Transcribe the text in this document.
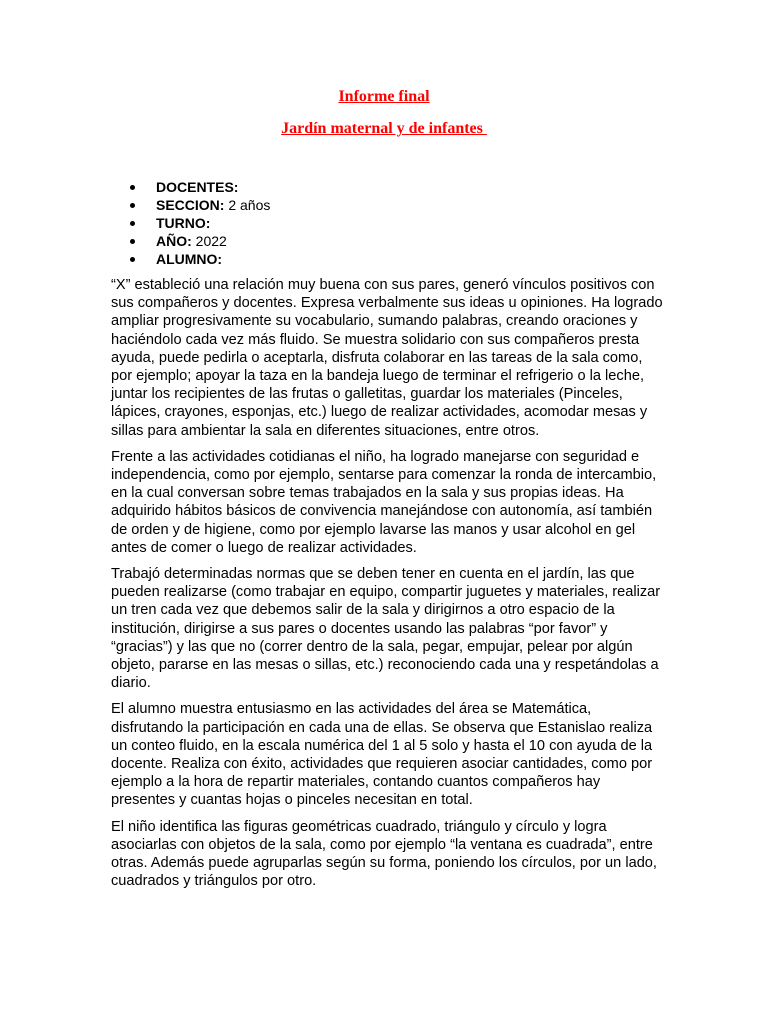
Informe final
Jardín maternal y de infantes
DOCENTES:
SECCION: 2 años
TURNO:
AÑO: 2022
ALUMNO:

“X” estableció una relación muy buena con sus pares, generó vínculos positivos con sus compañeros y docentes. Expresa verbalmente sus ideas u opiniones. Ha logrado ampliar progresivamente su vocabulario, sumando palabras, creando oraciones y haciéndolo cada vez más fluido. Se muestra solidario con sus compañeros presta ayuda, puede pedirla o aceptarla, disfruta colaborar en las tareas de la sala como, por ejemplo; apoyar la taza en la bandeja luego de terminar el refrigerio o la leche, juntar los recipientes de las frutas o galletitas, guardar los materiales (Pinceles, lápices, crayones, esponjas, etc.) luego de realizar actividades, acomodar mesas y sillas para ambientar la sala en diferentes situaciones, entre otros.

Frente a las actividades cotidianas el niño, ha logrado manejarse con seguridad e independencia, como por ejemplo, sentarse para comenzar la ronda de intercambio, en la cual conversan sobre temas trabajados en la sala y sus propias ideas. Ha adquirido hábitos básicos de convivencia manejándose con autonomía, así también de orden y de higiene, como por ejemplo lavarse las manos y usar alcohol en gel antes de comer o luego de realizar actividades.

Trabajó determinadas normas que se deben tener en cuenta en el jardín, las que pueden realizarse (como trabajar en equipo, compartir juguetes y materiales, realizar un tren cada vez que debemos salir de la sala y dirigirnos a otro espacio de la institución, dirigirse a sus pares o docentes usando las palabras “por favor” y “gracias”) y las que no (correr dentro de la sala, pegar, empujar, pelear por algún objeto, pararse en las mesas o sillas, etc.) reconociendo cada una y respetándolas a diario.

El alumno muestra entusiasmo en las actividades del área se Matemática, disfrutando la participación en cada una de ellas. Se observa que Estanislao realiza un conteo fluido, en la escala numérica del 1 al 5 solo y hasta el 10 con ayuda de la docente. Realiza con éxito, actividades que requieren asociar cantidades, como por ejemplo a la hora de repartir materiales, contando cuantos compañeros hay presentes y cuantas hojas o pinceles necesitan en total.

El niño identifica las figuras geométricas cuadrado, triángulo y círculo y logra asociarlas con objetos de la sala, como por ejemplo “la ventana es cuadrada”, entre otras. Además puede agruparlas según su forma, poniendo los círculos, por un lado, cuadrados y triángulos por otro.
